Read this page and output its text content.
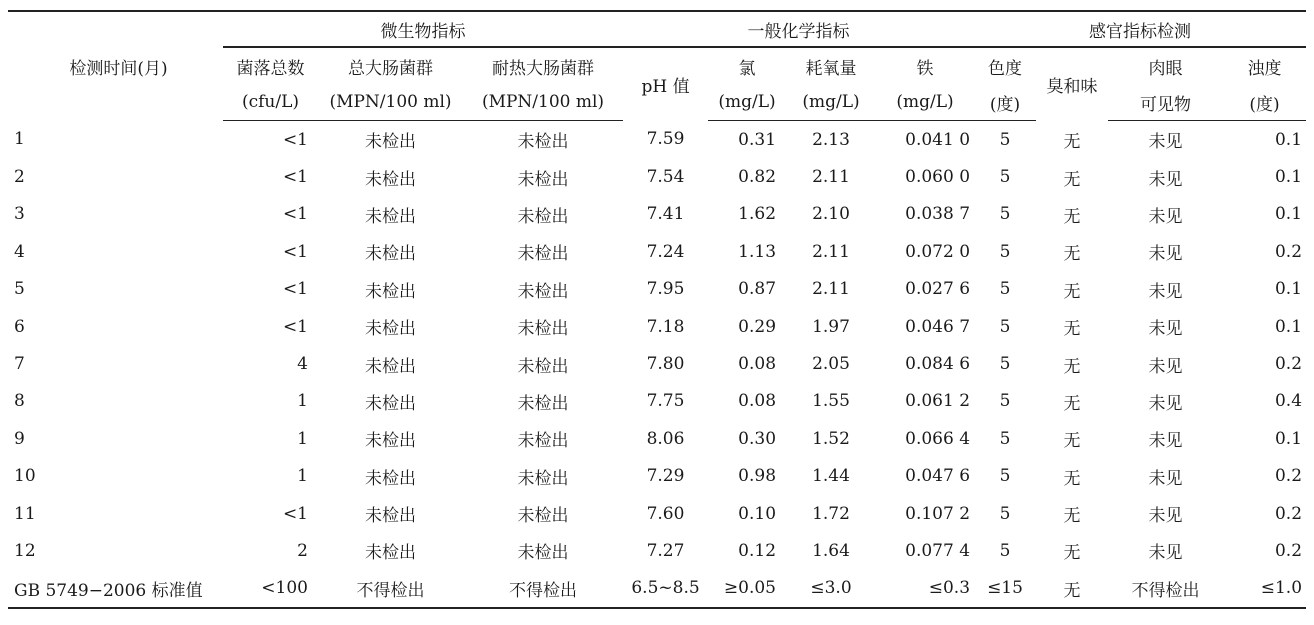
检测时间(月)	微生物指标			一般化学指标				感官指标检测			
	菌落总数	总大肠菌群	耐热大肠菌群	pH 值	氯	耗氧量	铁	色度	臭和味	肉眼	浊度
	(cfu/L)	(MPN/100 ml)	(MPN/100 ml)		(mg/L)	(mg/L)	(mg/L)	(度)		可见物	(度)
1	<1	未检出	未检出	7.59	0.31	2.13	0.041 0	5	无	未见	0.1
2	<1	未检出	未检出	7.54	0.82	2.11	0.060 0	5	无	未见	0.1
3	<1	未检出	未检出	7.41	1.62	2.10	0.038 7	5	无	未见	0.1
4	<1	未检出	未检出	7.24	1.13	2.11	0.072 0	5	无	未见	0.2
5	<1	未检出	未检出	7.95	0.87	2.11	0.027 6	5	无	未见	0.1
6	<1	未检出	未检出	7.18	0.29	1.97	0.046 7	5	无	未见	0.1
7	4	未检出	未检出	7.80	0.08	2.05	0.084 6	5	无	未见	0.2
8	1	未检出	未检出	7.75	0.08	1.55	0.061 2	5	无	未见	0.4
9	1	未检出	未检出	8.06	0.30	1.52	0.066 4	5	无	未见	0.1
10	1	未检出	未检出	7.29	0.98	1.44	0.047 6	5	无	未见	0.2
11	<1	未检出	未检出	7.60	0.10	1.72	0.107 2	5	无	未见	0.2
12	2	未检出	未检出	7.27	0.12	1.64	0.077 4	5	无	未见	0.2
GB 5749−2006 标准值	<100	不得检出	不得检出	6.5~8.5	≥0.05	≤3.0	≤0.3	≤15	无	不得检出	≤1.0
